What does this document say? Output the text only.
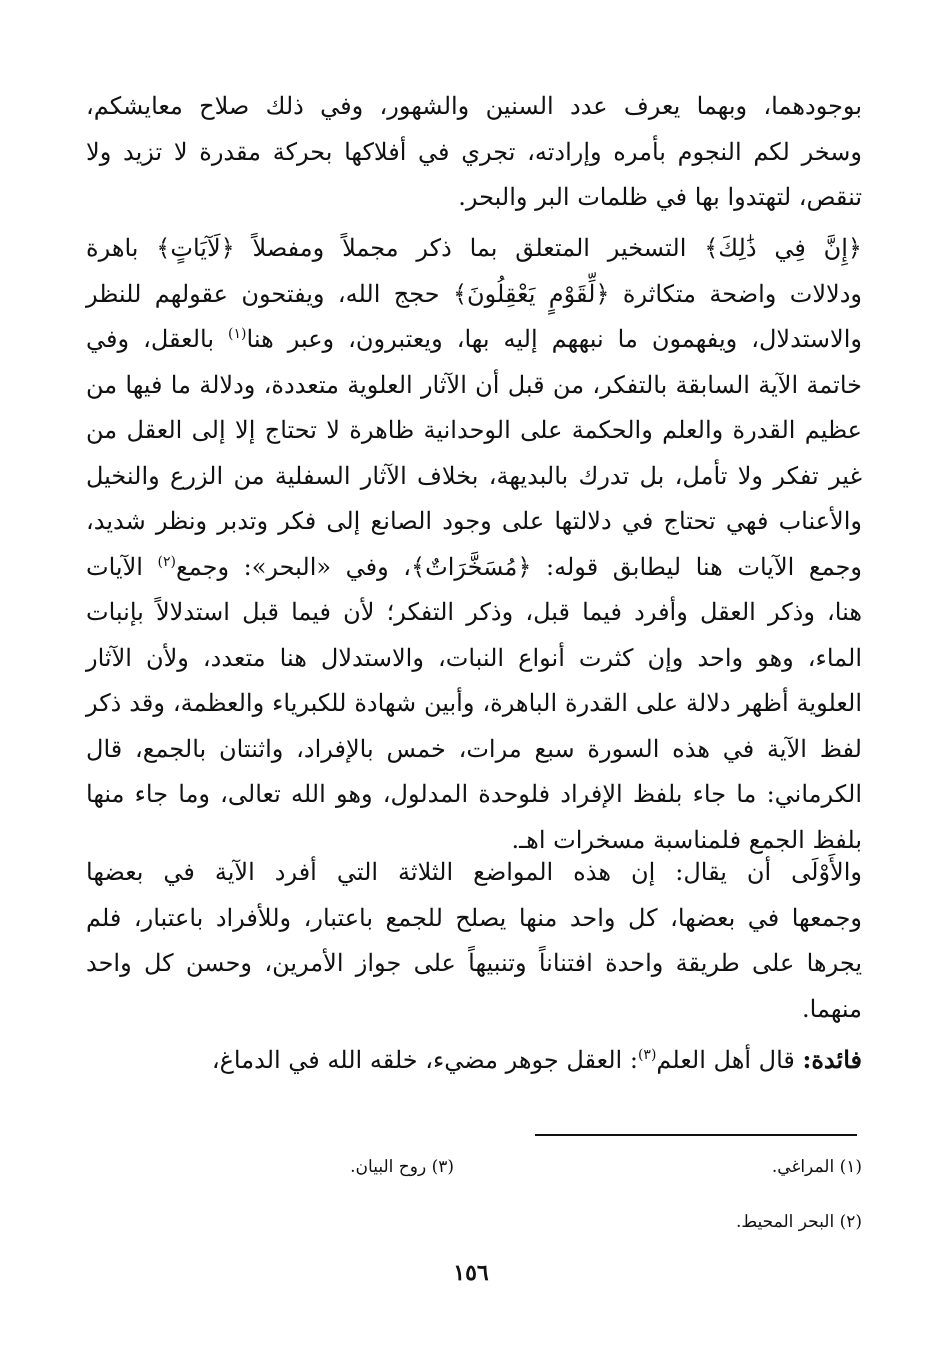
بوجودهما، وبهما يعرف عدد السنين والشهور، وفي ذلك صلاح معايشكم،
وسخر لكم النجوم بأمره وإرادته، تجري في أفلاكها بحركة مقدرة لا تزيد ولا
تنقص، لتهتدوا بها في ظلمات البر والبحر.
﴿إِنَّ فِي ذَٰلِكَ﴾ التسخير المتعلق بما ذكر مجملاً ومفصلاً ﴿لَآيَاتٍ﴾ باهرة
ودلالات واضحة متكاثرة ﴿لِّقَوْمٍ يَعْقِلُونَ﴾ حجج الله، ويفتحون عقولهم للنظر
والاستدلال، ويفهمون ما نبههم إليه بها، ويعتبرون، وعبر هنا$^{(١)}$ بالعقل، وفي
خاتمة الآية السابقة بالتفكر، من قبل أن الآثار العلوية متعددة، ودلالة ما فيها من
عظيم القدرة والعلم والحكمة على الوحدانية ظاهرة لا تحتاج إلا إلى العقل من
غير تفكر ولا تأمل، بل تدرك بالبديهة، بخلاف الآثار السفلية من الزرع والنخيل
والأعناب فهي تحتاج في دلالتها على وجود الصانع إلى فكر وتدبر ونظر شديد،
وجمع الآيات هنا ليطابق قوله: ﴿مُسَخَّرَاتٌ﴾، وفي «البحر»: وجمع$^{(٢)}$ الآيات
هنا، وذكر العقل وأفرد فيما قبل، وذكر التفكر؛ لأن فيما قبل استدلالاً بإنبات
الماء، وهو واحد وإن كثرت أنواع النبات، والاستدلال هنا متعدد، ولأن الآثار
العلوية أظهر دلالة على القدرة الباهرة، وأبين شهادة للكبرياء والعظمة، وقد ذكر
لفظ الآية في هذه السورة سبع مرات، خمس بالإفراد، واثنتان بالجمع، قال
الكرماني: ما جاء بلفظ الإفراد فلوحدة المدلول، وهو الله تعالى، وما جاء منها
بلفظ الجمع فلمناسبة مسخرات اهـ.
والأَوْلَى أن يقال: إن هذه المواضع الثلاثة التي أفرد الآية في بعضها
وجمعها في بعضها، كل واحد منها يصلح للجمع باعتبار، وللأفراد باعتبار، فلم
يجرها على طريقة واحدة افتناناً وتنبيهاً على جواز الأمرين، وحسن كل واحد
منهما.
فائدة: قال أهل العلم$^{(٣)}$: العقل جوهر مضيء، خلقه الله في الدماغ،
(١) المراغي.
(٣) روح البيان.
(٢) البحر المحيط.
١٥٦
